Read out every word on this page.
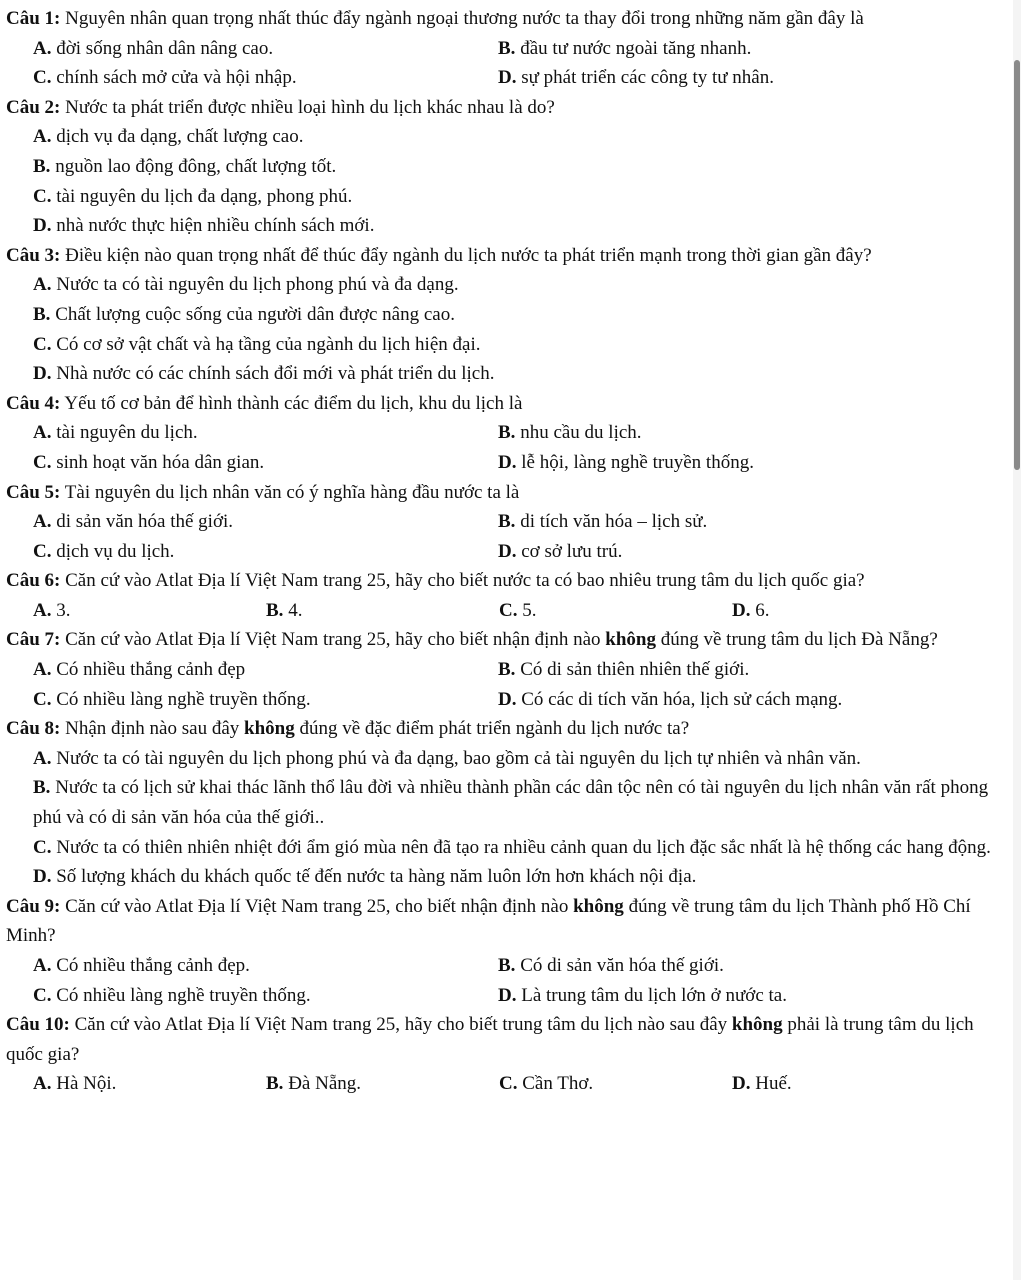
Câu 1: Nguyên nhân quan trọng nhất thúc đẩy ngành ngoại thương nước ta thay đổi trong những năm gần đây là

A. đời sống nhân dân nâng cao.	B. đầu tư nước ngoài tăng nhanh.
C. chính sách mở cửa và hội nhập.	D. sự phát triển các công ty tư nhân.

Câu 2: Nước ta phát triển được nhiều loại hình du lịch khác nhau là do?

A. dịch vụ đa dạng, chất lượng cao.
B. nguồn lao động đông, chất lượng tốt.
C. tài nguyên du lịch đa dạng, phong phú.
D. nhà nước thực hiện nhiều chính sách mới.

Câu 3: Điều kiện nào quan trọng nhất để thúc đẩy ngành du lịch nước ta phát triển mạnh trong thời gian gần đây?

A. Nước ta có tài nguyên du lịch phong phú và đa dạng.
B. Chất lượng cuộc sống của người dân được nâng cao.
C. Có cơ sở vật chất và hạ tầng của ngành du lịch hiện đại.
D. Nhà nước có các chính sách đổi mới và phát triển du lịch.

Câu 4: Yếu tố cơ bản để hình thành các điểm du lịch, khu du lịch là

A. tài nguyên du lịch.	B. nhu cầu du lịch.
C. sinh hoạt văn hóa dân gian.	D. lễ hội, làng nghề truyền thống.

Câu 5: Tài nguyên du lịch nhân văn có ý nghĩa hàng đầu nước ta là

A. di sản văn hóa thế giới.	B. di tích văn hóa – lịch sử.
C. dịch vụ du lịch.	D. cơ sở lưu trú.

Câu 6: Căn cứ vào Atlat Địa lí Việt Nam trang 25, hãy cho biết nước ta có bao nhiêu trung tâm du lịch quốc gia?

A. 3.	B. 4.	C. 5.	D. 6.

Câu 7: Căn cứ vào Atlat Địa lí Việt Nam trang 25, hãy cho biết nhận định nào không đúng về trung tâm du lịch Đà Nẵng?

A. Có nhiều thắng cảnh đẹp	B. Có di sản thiên nhiên thế giới.
C. Có nhiều làng nghề truyền thống.	D. Có các di tích văn hóa, lịch sử cách mạng.

Câu 8: Nhận định nào sau đây không đúng về đặc điểm phát triển ngành du lịch nước ta?

A. Nước ta có tài nguyên du lịch phong phú và đa dạng, bao gồm cả tài nguyên du lịch tự nhiên và nhân văn.
B. Nước ta có lịch sử khai thác lãnh thổ lâu đời và nhiều thành phần các dân tộc nên có tài nguyên du lịch nhân văn rất phong phú và có di sản văn hóa của thế giới..
C. Nước ta có thiên nhiên nhiệt đới ẩm gió mùa nên đã tạo ra nhiều cảnh quan du lịch đặc sắc nhất là hệ thống các hang động.
D. Số lượng khách du khách quốc tế đến nước ta hàng năm luôn lớn hơn khách nội địa.

Câu 9: Căn cứ vào Atlat Địa lí Việt Nam trang 25, cho biết nhận định nào không đúng về trung tâm du lịch Thành phố Hồ Chí Minh?

A. Có nhiều thắng cảnh đẹp.	B. Có di sản văn hóa thế giới.
C. Có nhiều làng nghề truyền thống.	D. Là trung tâm du lịch lớn ở nước ta.

Câu 10: Căn cứ vào Atlat Địa lí Việt Nam trang 25, hãy cho biết trung tâm du lịch nào sau đây không phải là trung tâm du lịch quốc gia?

A. Hà Nội.	B. Đà Nẵng.	C. Cần Thơ.	D. Huế.
